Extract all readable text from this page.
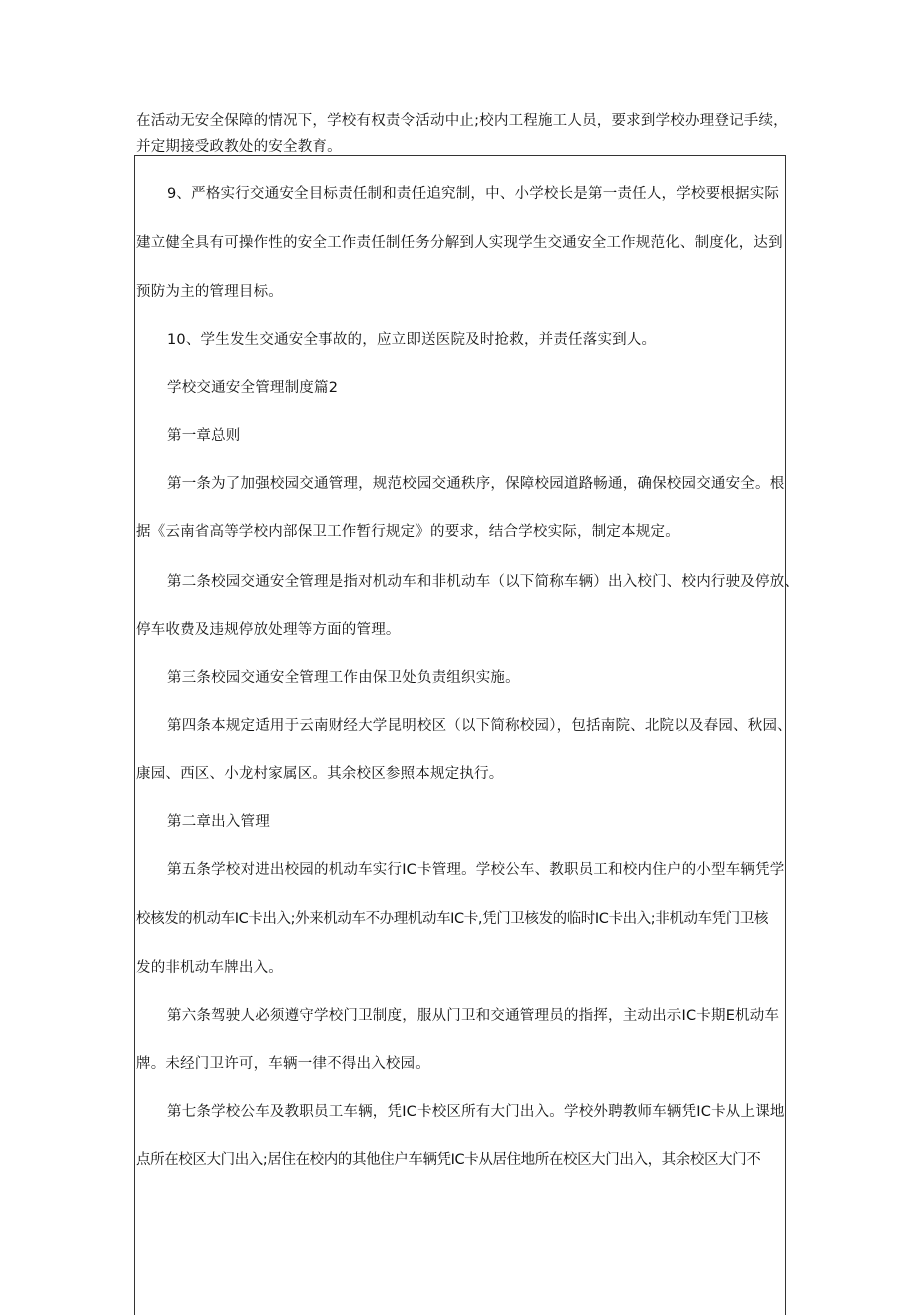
在活动无安全保障的情况下，学校有权责令活动中止;校内工程施工人员，要求到学校办理登记手续，

并定期接受政教处的安全教育。

9、严格实行交通安全目标责任制和责任追究制，中、小学校长是第一责任人，学校要根据实际

建立健全具有可操作性的安全工作责任制任务分解到人实现学生交通安全工作规范化、制度化，达到

预防为主的管理目标。

10、学生发生交通安全事故的，应立即送医院及时抢救，并责任落实到人。

学校交通安全管理制度篇2

第一章总则

第一条为了加强校园交通管理，规范校园交通秩序，保障校园道路畅通，确保校园交通安全。根

据《云南省高等学校内部保卫工作暂行规定》的要求，结合学校实际，制定本规定。

第二条校园交通安全管理是指对机动车和非机动车（以下简称车辆）出入校门、校内行驶及停放、

停车收费及违规停放处理等方面的管理。

第三条校园交通安全管理工作由保卫处负责组织实施。

第四条本规定适用于云南财经大学昆明校区（以下简称校园），包括南院、北院以及春园、秋园、

康园、西区、小龙村家属区。其余校区参照本规定执行。

第二章出入管理

第五条学校对进出校园的机动车实行IC卡管理。学校公车、教职员工和校内住户的小型车辆凭学

校核发的机动车IC卡出入;外来机动车不办理机动车IC卡,凭门卫核发的临时IC卡出入;非机动车凭门卫核

发的非机动车牌出入。

第六条驾驶人必须遵守学校门卫制度，服从门卫和交通管理员的指挥，主动出示IC卡期E机动车

牌。未经门卫许可，车辆一律不得出入校园。

第七条学校公车及教职员工车辆，凭IC卡校区所有大门出入。学校外聘教师车辆凭IC卡从上课地

点所在校区大门出入;居住在校内的其他住户车辆凭IC卡从居住地所在校区大门出入，其余校区大门不
